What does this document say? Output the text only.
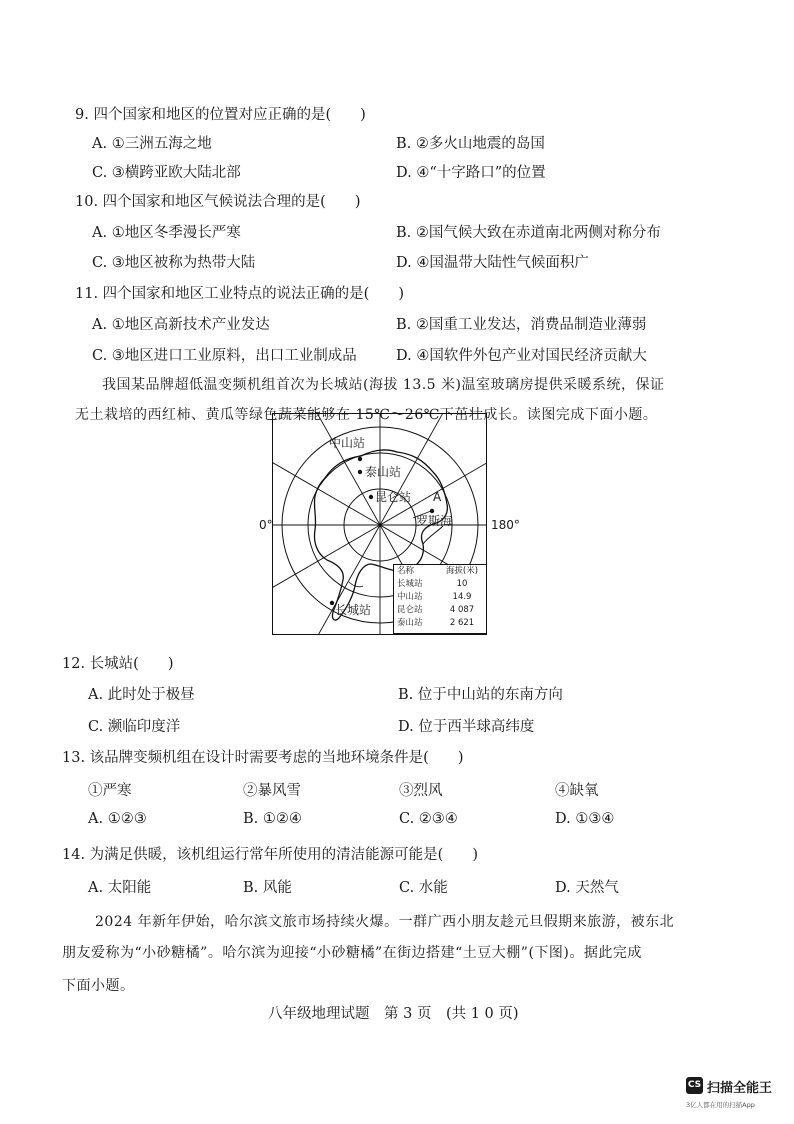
9. 四个国家和地区的位置对应正确的是(　　)
A. ①三洲五海之地	B. ②多火山地震的岛国
C. ③横跨亚欧大陆北部	D. ④“十字路口”的位置
10. 四个国家和地区气候说法合理的是(　　)
A. ①地区冬季漫长严寒	B. ②国气候大致在赤道南北两侧对称分布
C. ③地区被称为热带大陆	D. ④国温带大陆性气候面积广
11. 四个国家和地区工业特点的说法正确的是(　　)
A. ①地区高新技术产业发达	B. ②国重工业发达，消费品制造业薄弱
C. ③地区进口工业原料，出口工业制成品	D. ④国软件外包产业对国民经济贡献大
我国某品牌超低温变频机组首次为长城站(海拔 13.5 米)温室玻璃房提供采暖系统，保证
无土栽培的西红柿、黄瓜等绿色蔬菜能够在 15℃～26℃下茁壮成长。读图完成下面小题。
0°	180°
中山站
泰山站
昆仑站 A
罗斯海
长城站
名称	海拔(米)
长城站	10
中山站	14.9
昆仑站	4 087
泰山站	2 621
12. 长城站(　　)
A. 此时处于极昼	B. 位于中山站的东南方向
C. 濒临印度洋	D. 位于西半球高纬度
13. 该品牌变频机组在设计时需要考虑的当地环境条件是(　　)
①严寒	②暴风雪	③烈风	④缺氧
A. ①②③	B. ①②④	C. ②③④	D. ①③④
14. 为满足供暖，该机组运行常年所使用的清洁能源可能是(　　)
A. 太阳能	B. 风能	C. 水能	D. 天然气
2024 年新年伊始，哈尔滨文旅市场持续火爆。一群广西小朋友趁元旦假期来旅游，被东北
朋友爱称为“小砂糖橘”。哈尔滨为迎接“小砂糖橘”在街边搭建“土豆大棚”(下图)。据此完成
下面小题。
八年级地理试题　第 3 页　(共 1 0 页)
CS 扫描全能王
3亿人都在用的扫描App
